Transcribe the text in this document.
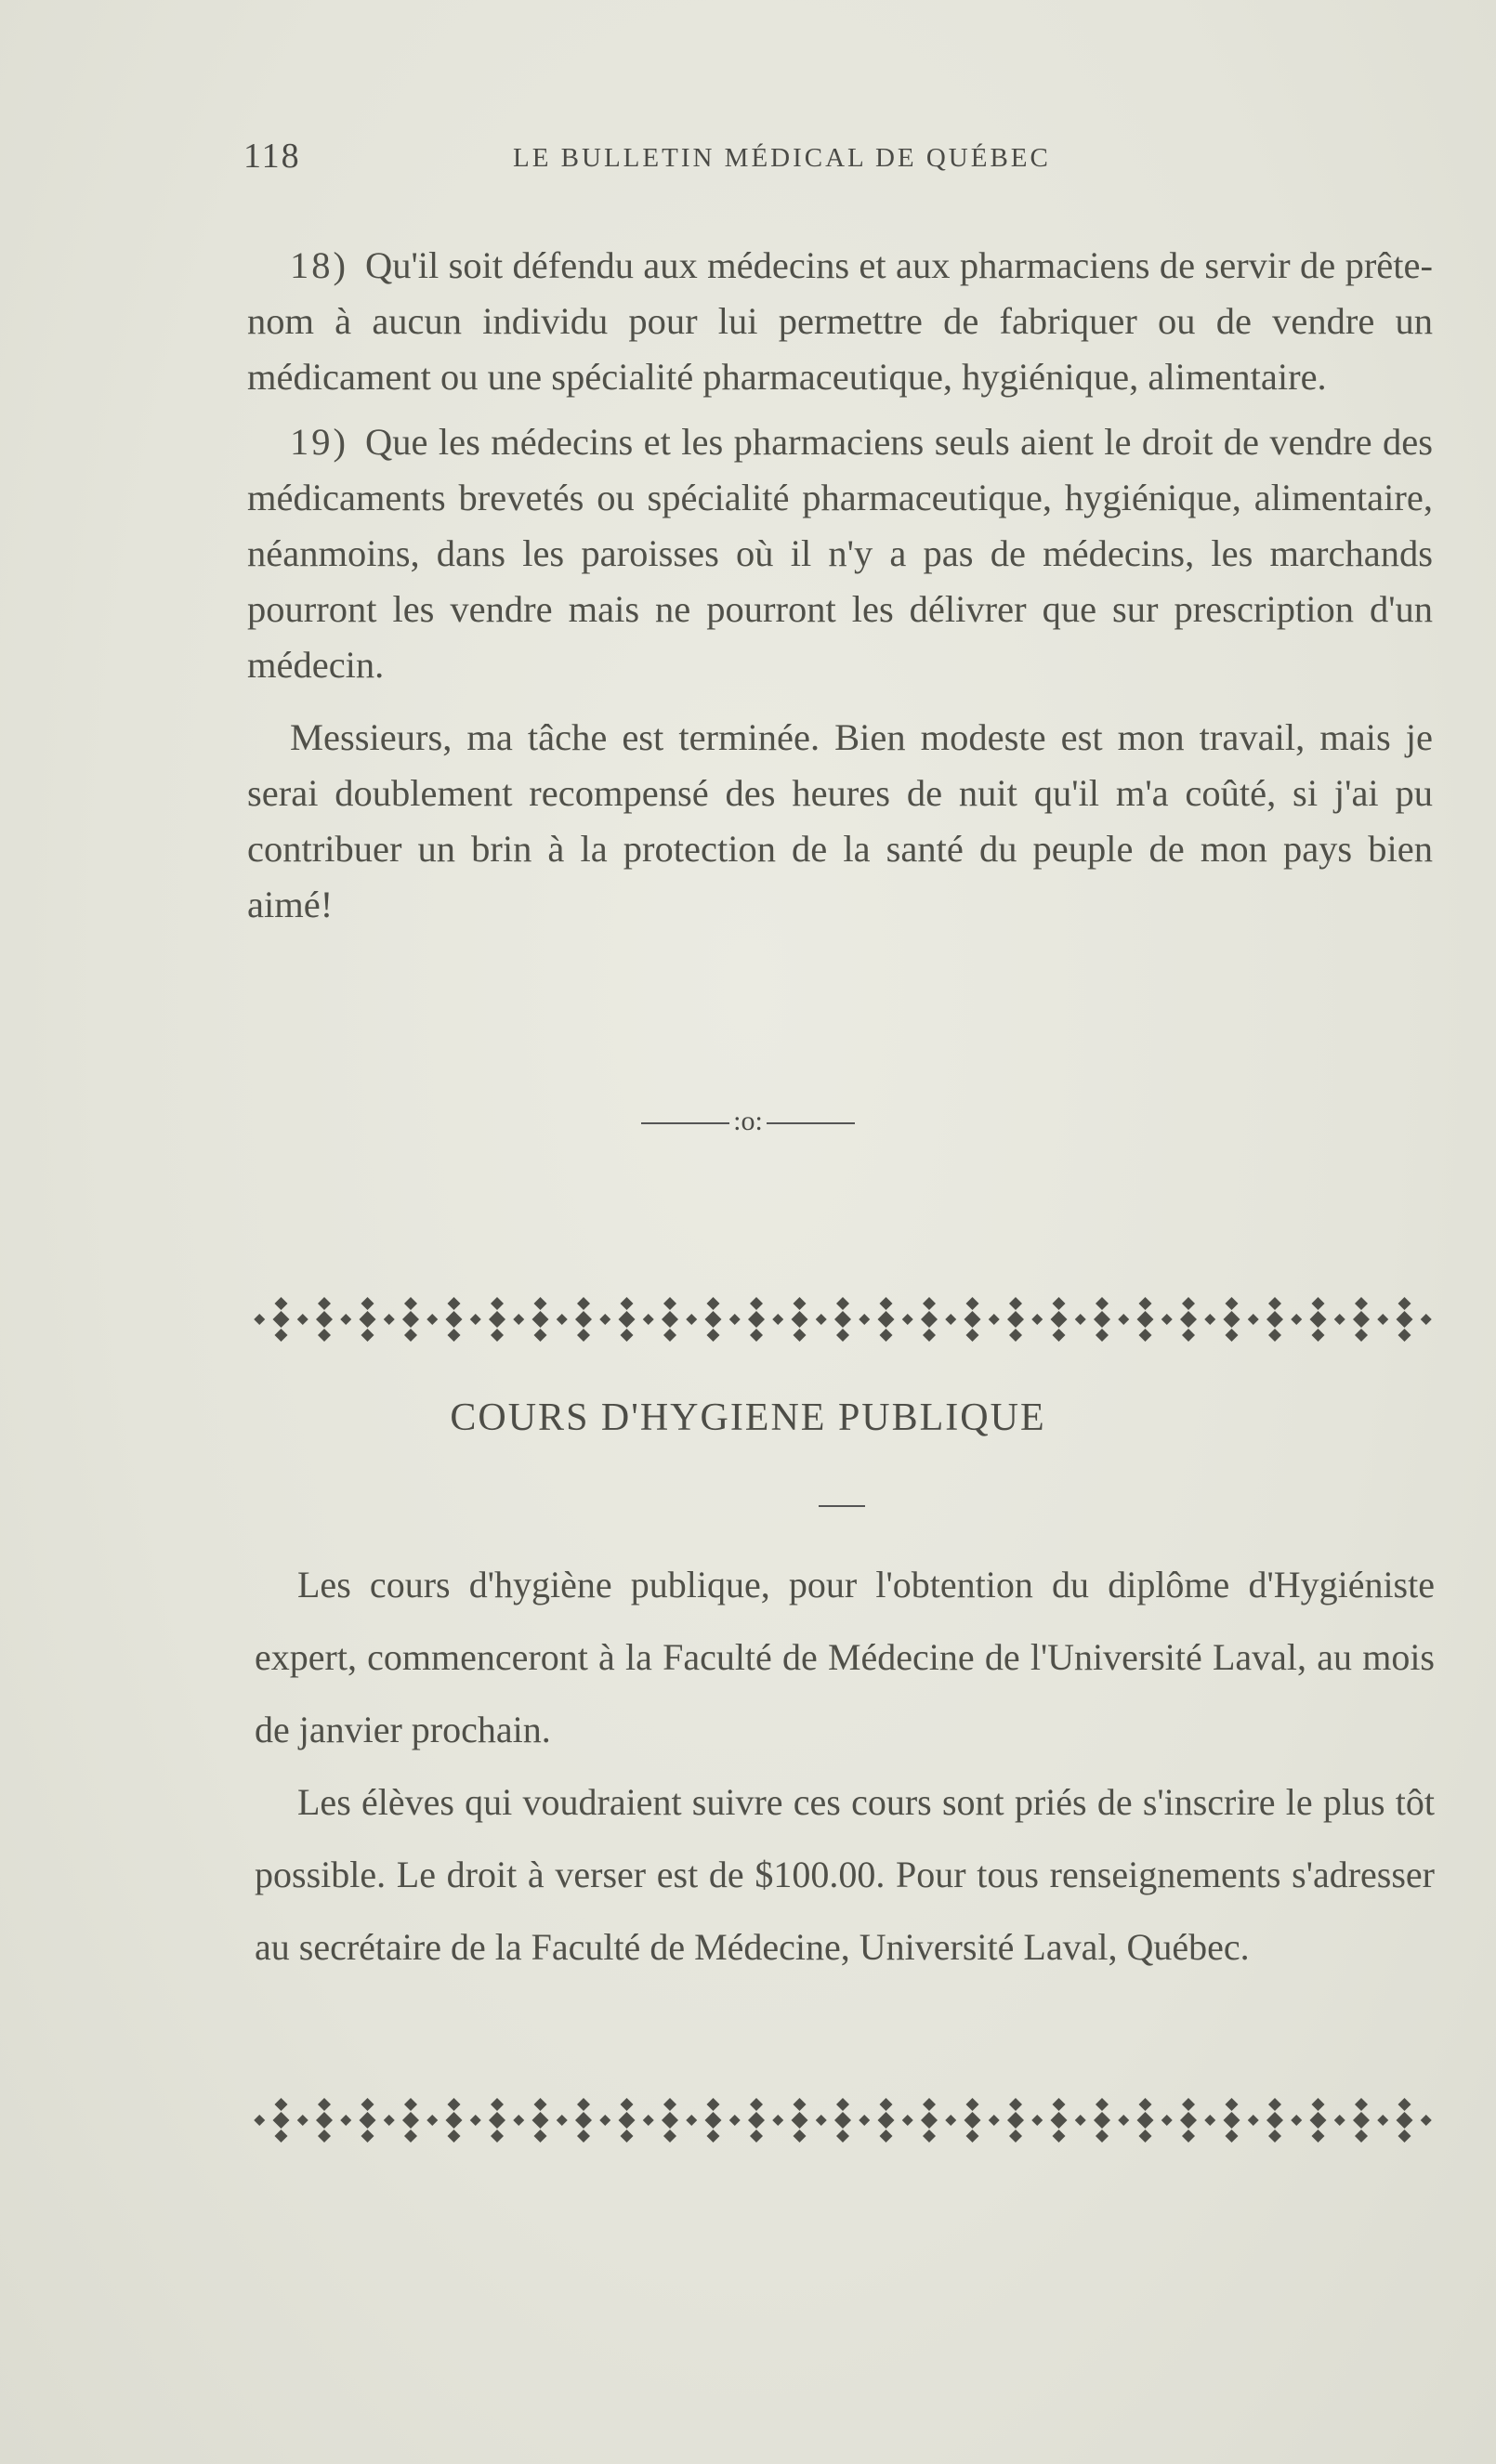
118	LE BULLETIN MÉDICAL DE QUÉBEC

18) Qu'il soit défendu aux médecins et aux pharmaciens de servir de prête-nom à aucun individu pour lui permettre de fabriquer ou de vendre un médicament ou une spécialité pharmaceutique, hygiénique, alimentaire.

19) Que les médecins et les pharmaciens seuls aient le droit de vendre des médicaments brevetés ou spécialité pharmaceutique, hygiénique, alimentaire, néanmoins, dans les paroisses où il n'y a pas de médecins, les marchands pourront les vendre mais ne pourront les délivrer que sur prescription d'un médecin.

Messieurs, ma tâche est terminée. Bien modeste est mon travail, mais je serai doublement recompensé des heures de nuit qu'il m'a coûté, si j'ai pu contribuer un brin à la protection de la santé du peuple de mon pays bien aimé!

:o:
COURS D'HYGIENE PUBLIQUE

Les cours d'hygiène publique, pour l'obtention du diplôme d'Hygiéniste expert, commenceront à la Faculté de Médecine de l'Université Laval, au mois de janvier prochain.

Les élèves qui voudraient suivre ces cours sont priés de s'inscrire le plus tôt possible. Le droit à verser est de $100.00. Pour tous renseignements s'adresser au secrétaire de la Faculté de Médecine, Université Laval, Québec.
